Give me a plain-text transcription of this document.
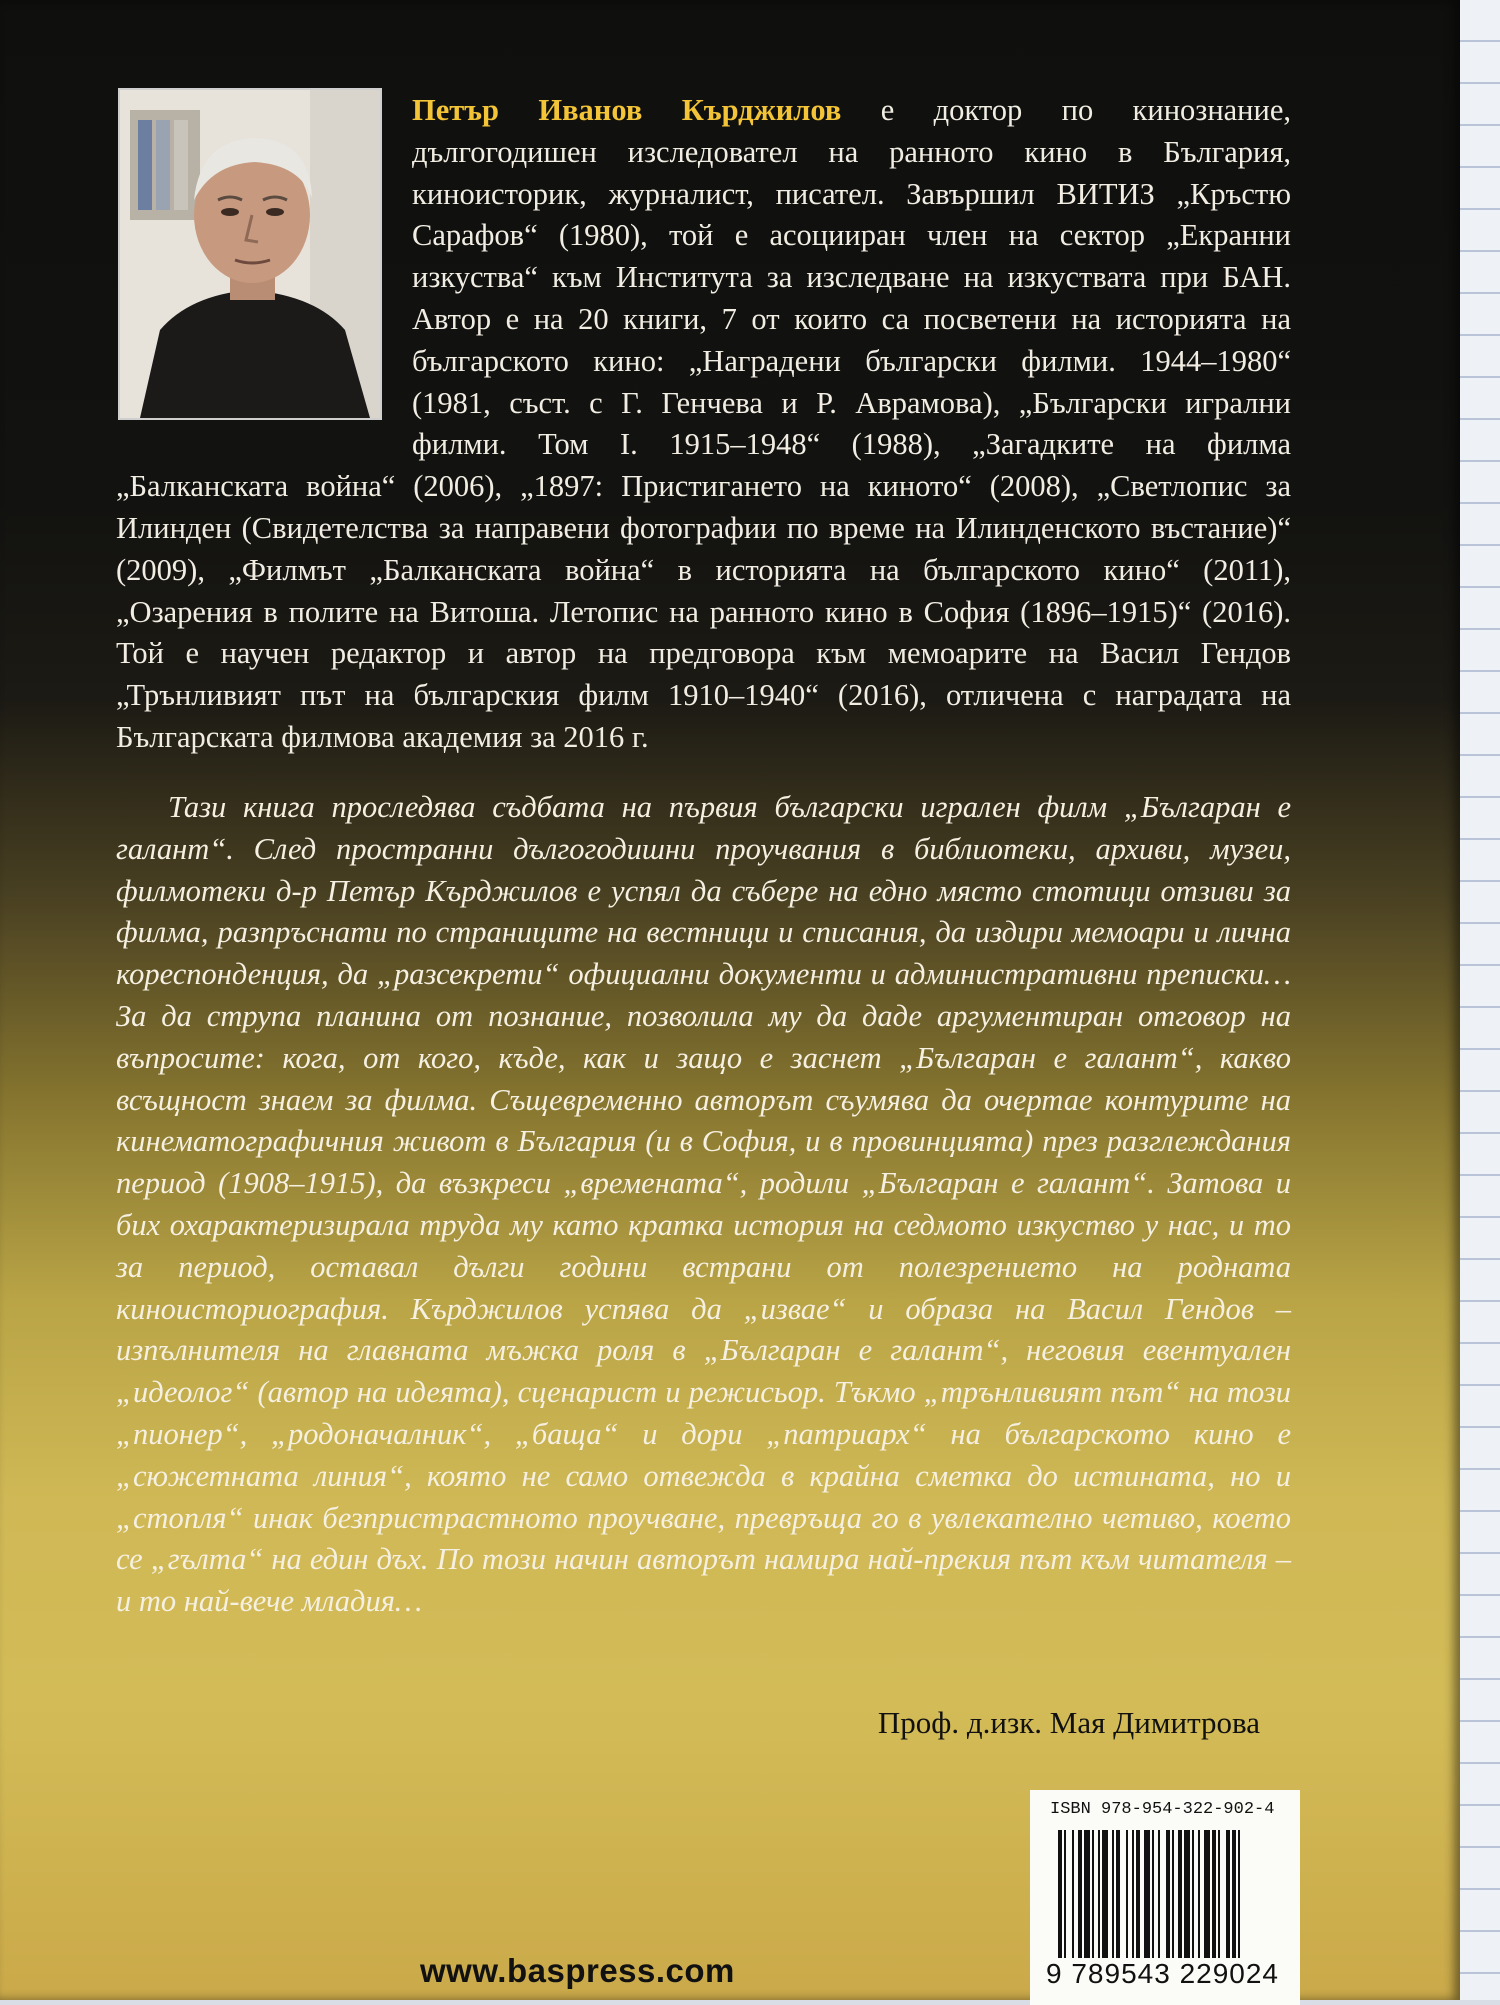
Петър Иванов Кърджилов е доктор по кинознание, дългогодишен изследовател на ранното кино в България, киноисторик, журналист, писател. Завършил ВИТИЗ „Кръстю Сарафов“ (1980), той е асоцииран член на сектор „Екранни изкуства“ към Института за изследване на изкуствата при БАН. Автор е на 20 книги, 7 от които са посветени на историята на българското кино: „Наградени български филми. 1944–1980“ (1981, съст. с Г. Генчева и Р. Аврамова), „Български игрални филми. Том I. 1915–1948“ (1988), „Загадките на филма „Балканската война“ (2006), „1897: Пристигането на киното“ (2008), „Светлопис за Илинден (Свидетелства за направени фотографии по време на Илинденското въстание)“ (2009), „Филмът „Балканската война“ в историята на българското кино“ (2011), „Озарения в полите на Витоша. Летопис на ранното кино в София (1896–1915)“ (2016). Той е научен редактор и автор на предговора към мемоарите на Васил Гендов „Трънливият път на българския филм 1910–1940“ (2016), отличена с наградата на Българската филмова академия за 2016 г.
Тази книга проследява съдбата на първия български игрален филм „Българан е галант“. След пространни дългогодишни проучвания в библиотеки, архиви, музеи, филмотеки д-р Петър Кърджилов е успял да събере на едно място стотици отзиви за филма, разпръснати по страниците на вестници и списания, да издири мемоари и лична кореспонденция, да „разсекрети“ официални документи и административни преписки… За да струпа планина от познание, позволила му да даде аргументиран отговор на въпросите: кога, от кого, къде, как и защо е заснет „Българан е галант“, какво всъщност знаем за филма. Същевременно авторът съумява да очертае контурите на кинематографичния живот в България (и в София, и в провинцията) през разглеждания период (1908–1915), да възкреси „времената“, родили „Българан е галант“. Затова и бих охарактеризирала труда му като кратка история на седмото изкуство у нас, и то за период, оставал дълги години встрани от полезрението на родната киноисториография. Кърджилов успява да „извае“ и образа на Васил Гендов – изпълнителя на главната мъжка роля в „Българан е галант“, неговия евентуален „идеолог“ (автор на идеята), сценарист и режисьор. Тъкмо „трънливият път“ на този „пионер“, „родоначалник“, „баща“ и дори „патриарх“ на българското кино е „сюжетната линия“, която не само отвежда в крайна сметка до истината, но и „стопля“ инак безпристрастното проучване, превръща го в увлекателно четиво, което се „гълта“ на един дъх. По този начин авторът намира най-прекия път към читателя – и то най-вече младия…
Проф. д.изк. Мая Димитрова
ISBN 978-954-322-902-4
9 789543 229024
www.baspress.com
